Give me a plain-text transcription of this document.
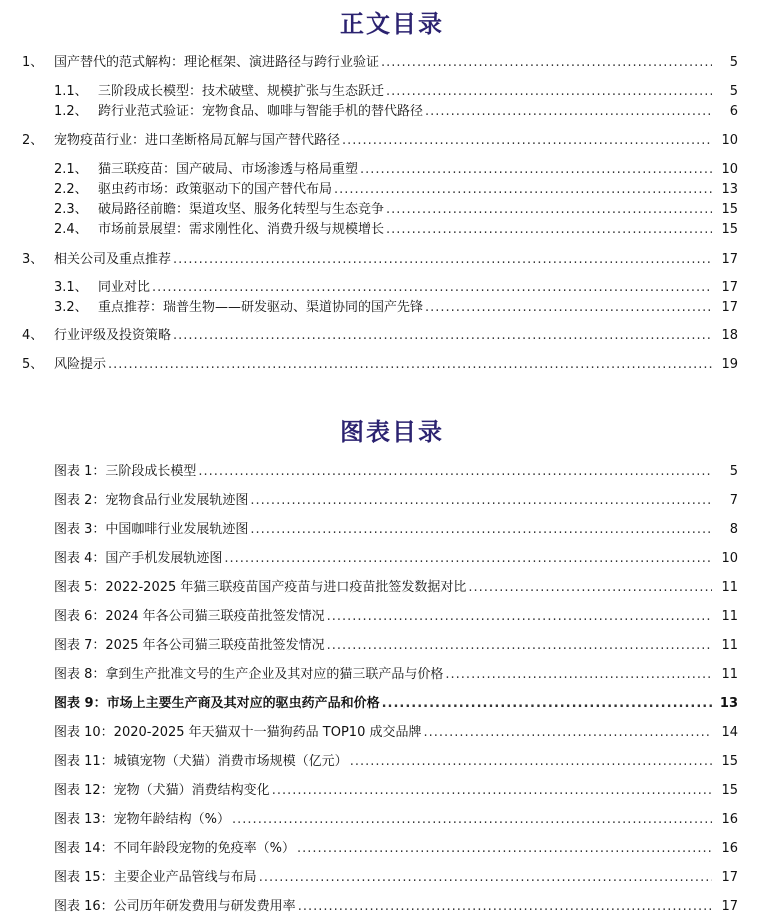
正文目录
1、 国产替代的范式解构：理论框架、演进路径与跨行业验证 .....	5
1.1、 三阶段成长模型：技术破壁、规模扩张与生态跃迁 .....	5
1.2、 跨行业范式验证：宠物食品、咖啡与智能手机的替代路径 .....	6
2、 宠物疫苗行业：进口垄断格局瓦解与国产替代路径 .....	10
2.1、 猫三联疫苗：国产破局、市场渗透与格局重塑 .....	10
2.2、 驱虫药市场：政策驱动下的国产替代布局 .....	13
2.3、 破局路径前瞻：渠道攻坚、服务化转型与生态竞争 .....	15
2.4、 市场前景展望：需求刚性化、消费升级与规模增长 .....	15
3、 相关公司及重点推荐 .....	17
3.1、 同业对比 .....	17
3.2、 重点推荐：瑞普生物——研发驱动、渠道协同的国产先锋 .....	17
4、 行业评级及投资策略 .....	18
5、 风险提示 .....	19
图表目录
图表 1：三阶段成长模型 .....	5
图表 2：宠物食品行业发展轨迹图 .....	7
图表 3：中国咖啡行业发展轨迹图 .....	8
图表 4：国产手机发展轨迹图 .....	10
图表 5：2022-2025 年猫三联疫苗国产疫苗与进口疫苗批签发数据对比 .....	11
图表 6：2024 年各公司猫三联疫苗批签发情况 .....	11
图表 7：2025 年各公司猫三联疫苗批签发情况 .....	11
图表 8：拿到生产批准文号的生产企业及其对应的猫三联产品与价格 .....	11
图表 9：市场上主要生产商及其对应的驱虫药产品和价格 .....	13
图表 10：2020-2025 年天猫双十一猫狗药品 TOP10 成交品牌 .....	14
图表 11：城镇宠物（犬猫）消费市场规模（亿元） .....	15
图表 12：宠物（犬猫）消费结构变化 .....	15
图表 13：宠物年龄结构（%） .....	16
图表 14：不同年龄段宠物的免疫率（%） .....	16
图表 15：主要企业产品管线与布局 .....	17
图表 16：公司历年研发费用与研发费用率 .....	17
